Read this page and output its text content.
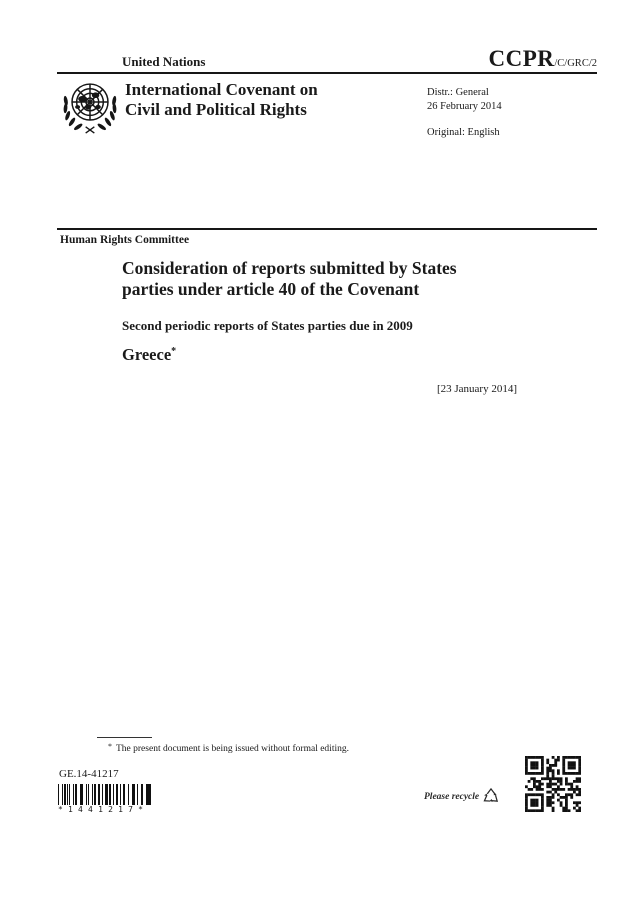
United Nations	CCPR/C/GRC/2
International Covenant on
Civil and Political Rights
Distr.: General
26 February 2014
Original: English
Human Rights Committee
Consideration of reports submitted by States
parties under article 40 of the Covenant
Second periodic reports of States parties due in 2009
Greece*
[23 January 2014]
* The present document is being issued without formal editing.
GE.14-41217
*1441217*
Please recycle
